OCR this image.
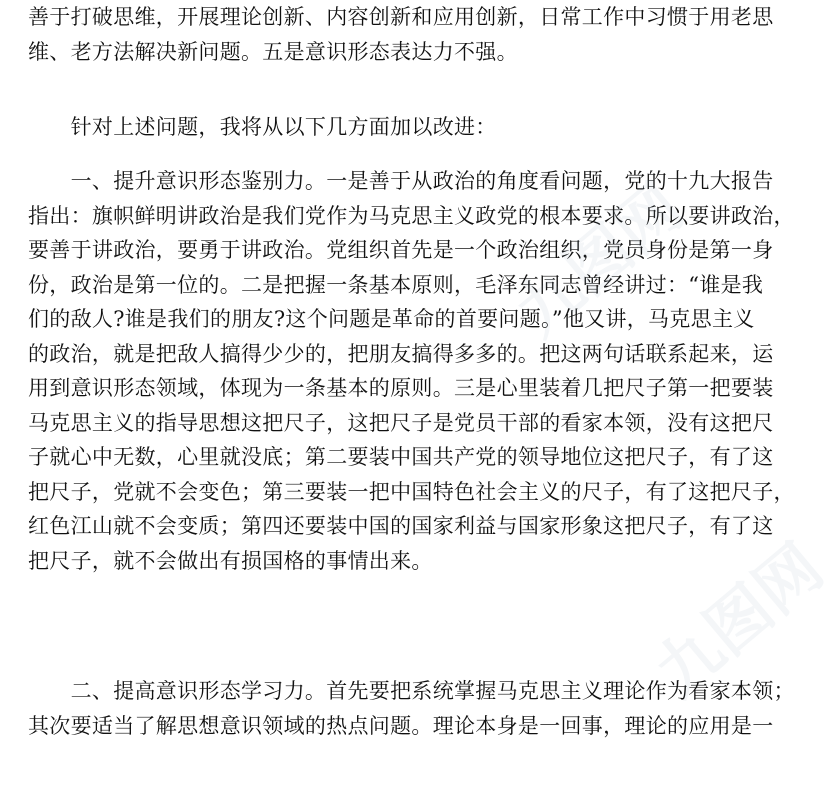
善于打破思维，开展理论创新、内容创新和应用创新，日常工作中习惯于用老思
维、老方法解决新问题。五是意识形态表达力不强。
　　针对上述问题，我将从以下几方面加以改进：
　　一、提升意识形态鉴别力。一是善于从政治的角度看问题，党的十九大报告
指出：旗帜鲜明讲政治是我们党作为马克思主义政党的根本要求。所以要讲政治，
要善于讲政治，要勇于讲政治。党组织首先是一个政治组织，党员身份是第一身
份，政治是第一位的。二是把握一条基本原则，毛泽东同志曾经讲过：“谁是我
们的敌人?谁是我们的朋友?这个问题是革命的首要问题。”他又讲，马克思主义
的政治，就是把敌人搞得少少的，把朋友搞得多多的。把这两句话联系起来，运
用到意识形态领域，体现为一条基本的原则。三是心里装着几把尺子第一把要装
马克思主义的指导思想这把尺子，这把尺子是党员干部的看家本领，没有这把尺
子就心中无数，心里就没底；第二要装中国共产党的领导地位这把尺子，有了这
把尺子，党就不会变色；第三要装一把中国特色社会主义的尺子，有了这把尺子，
红色江山就不会变质；第四还要装中国的国家利益与国家形象这把尺子，有了这
把尺子，就不会做出有损国格的事情出来。
　　二、提高意识形态学习力。首先要把系统掌握马克思主义理论作为看家本领；
其次要适当了解思想意识领域的热点问题。理论本身是一回事，理论的应用是一
九图网
九图网
